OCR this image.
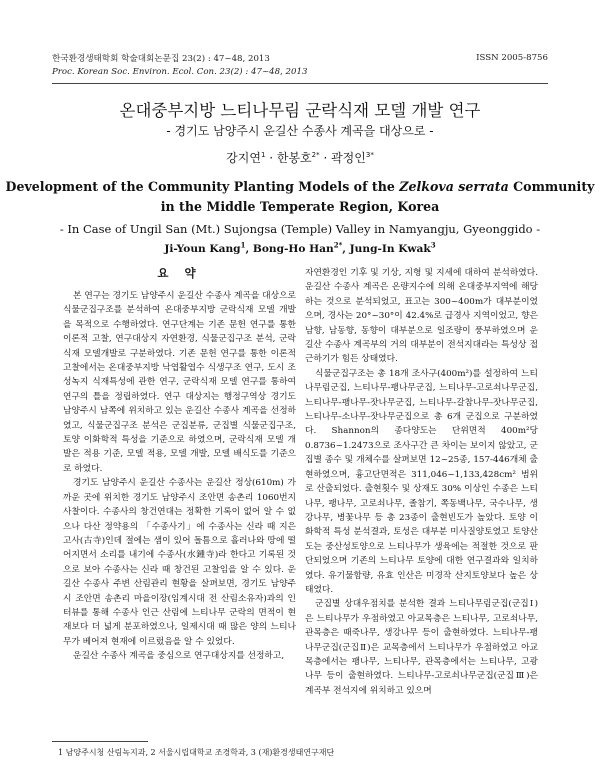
한국환경생태학회 학술대회논문집 23(2) : 47~48, 2013
Proc. Korean Soc. Environ. Ecol. Con. 23(2) : 47~48, 2013
ISSN 2005-8756
온대중부지방 느티나무림 군락식재 모델 개발 연구
- 경기도 남양주시 운길산 수종사 계곡을 대상으로 -
강지연$^1$ · 한봉호$^{2*}$ · 곽정인$^{3*}$
Development of the Community Planting Models of the Zelkova serrata Community
in the Middle Temperate Region, Korea
- In Case of Ungil San (Mt.) Sujongsa (Temple) Valley in Namyangju, Gyeonggido -
Ji-Youn Kang$^1$, Bong-Ho Han$^{2*}$, Jung-In Kwak$^3$
요 약

본 연구는 경기도 남양주시 운길산 수종사 계곡을 대상으로 식물군집구조를 분석하여 온대중부지방 군락식재 모델 개발을 목적으로 수행하였다. 연구단계는 기존 문헌 연구를 통한 이론적 고찰, 연구대상지 자연환경, 식물군집구조 분석, 군락식재 모델개발로 구분하였다. 기존 문헌 연구를 통한 이론적 고찰에서는 온대중부지방 낙엽활엽수 식생구조 연구, 도시 조성녹지 식재특성에 관한 연구, 군락식재 모델 연구를 통하여 연구의 틀을 정립하였다. 연구 대상지는 행정구역상 경기도 남양주시 남쪽에 위치하고 있는 운길산 수종사 계곡을 선정하였고, 식물군집구조 분석은 군집분류, 군집별 식물군집구조, 토양 이화학적 특성을 기준으로 하였으며, 군락식재 모델 개발은 적용 기준, 모델 적용, 모델 개발, 모델 배식도를 기준으로 하였다.

경기도 남양주시 운길산 수종사는 운길산 정상(610m) 가까운 곳에 위치한 경기도 남양주시 조안면 송촌리 1060번지 사찰이다. 수종사의 창건연대는 정확한 기록이 없어 알 수 없으나 다산 정약용의 「수종사기」에 수종사는 신라 때 지은 고사(古寺)인데 절에는 샘이 있어 돌틈으로 흘러나와 땅에 떨어지면서 소리를 내기에 수종사(水鍾寺)라 한다고 기록된 것으로 보아 수종사는 신라 때 창건된 고찰임을 알 수 있다. 운길산 수종사 주변 산림관리 현황을 살펴보면, 경기도 남양주시 조안면 송촌리 마을이장(임계시대 전 산림소유자)과의 인터뷰를 통해 수종사 인근 산림에 느티나무 군락의 면적이 현재보다 더 넓게 분포하였으나, 일제시대 때 많은 양의 느티나무가 베어져 현재에 이르렀음을 알 수 있었다.

운길산 수종사 계곡을 중심으로 연구대상지를 선정하고,

자연환경인 기후 및 기상, 지형 및 지세에 대하여 분석하였다. 운길산 수종사 계곡은 온량지수에 의해 온대중부지역에 해당하는 것으로 분석되었고, 표고는 300~400m가 대부분이였으며, 경사는 20°~30°이 42.4%로 급경사 지역이었고, 향은 남향, 남동향, 동향이 대부분으로 일조량이 풍부하였으며 운길산 수종사 계곡부의 거의 대부분이 전석지대라는 특성상 접근하기가 힘든 상태였다.

식물군집구조는 총 18개 조사구(400m²)를 설정하여 느티나무림군집, 느티나무-팽나무군집, 느티나무-고로쇠나무군집, 느티나무-팽나무-잣나무군집, 느티나무-갈참나무-잣나무군집, 느티나무-소나무-잣나무군집으로 총 6개 군집으로 구분하였다. Shannon의 종다양도는 단위면적 400m²당 0.8736~1.2473으로 조사구간 큰 차이는 보이지 않았고, 군집별 종수 및 개체수를 살펴보면 12~25종, 157-446개체 출현하였으며, 흉고단면적은 311,046~1,133,428cm² 범위로 산출되었다. 출현횟수 및 상재도 30% 이상인 수종은 느티나무, 팽나무, 고로쇠나무, 졸참기, 쪽동백나무, 국수나무, 생강나무, 병꽃나무 등 총 23종이 출현빈도가 높았다. 토양 이화학적 특성 분석결과, 토성은 대부분 미사질양토였고 토양산도는 중산성토양으로 느티나무가 생육에는 적절한 것으로 판단되었으며 기존의 느티나무 토양에 대한 연구결과와 일치하였다. 유기물함량, 유효 인산은 미경작 산지토양보다 높은 상태였다.

군집별 상대우점치를 분석한 결과 느티나무림군집(군집Ⅰ)은 느티나무가 우점하였고 아교목층은 느티나무, 고로쇠나무, 관목층은 때죽나무, 생강나무 등이 출현하였다. 느티나무-팽나무군집(군집Ⅱ)은 교목층에서 느티나무가 우점하였고 아교목층에서는 팽나무, 느티나무, 관목층에서는 느티나무, 고광나무 등이 출현하였다. 느티나무-고로쇠나무군집(군집Ⅲ)은 계곡부 전석지에 위치하고 있으며

1 남양주시청 산림녹지과, 2 서울시립대학교 조경학과, 3 (재)환경생태연구재단
